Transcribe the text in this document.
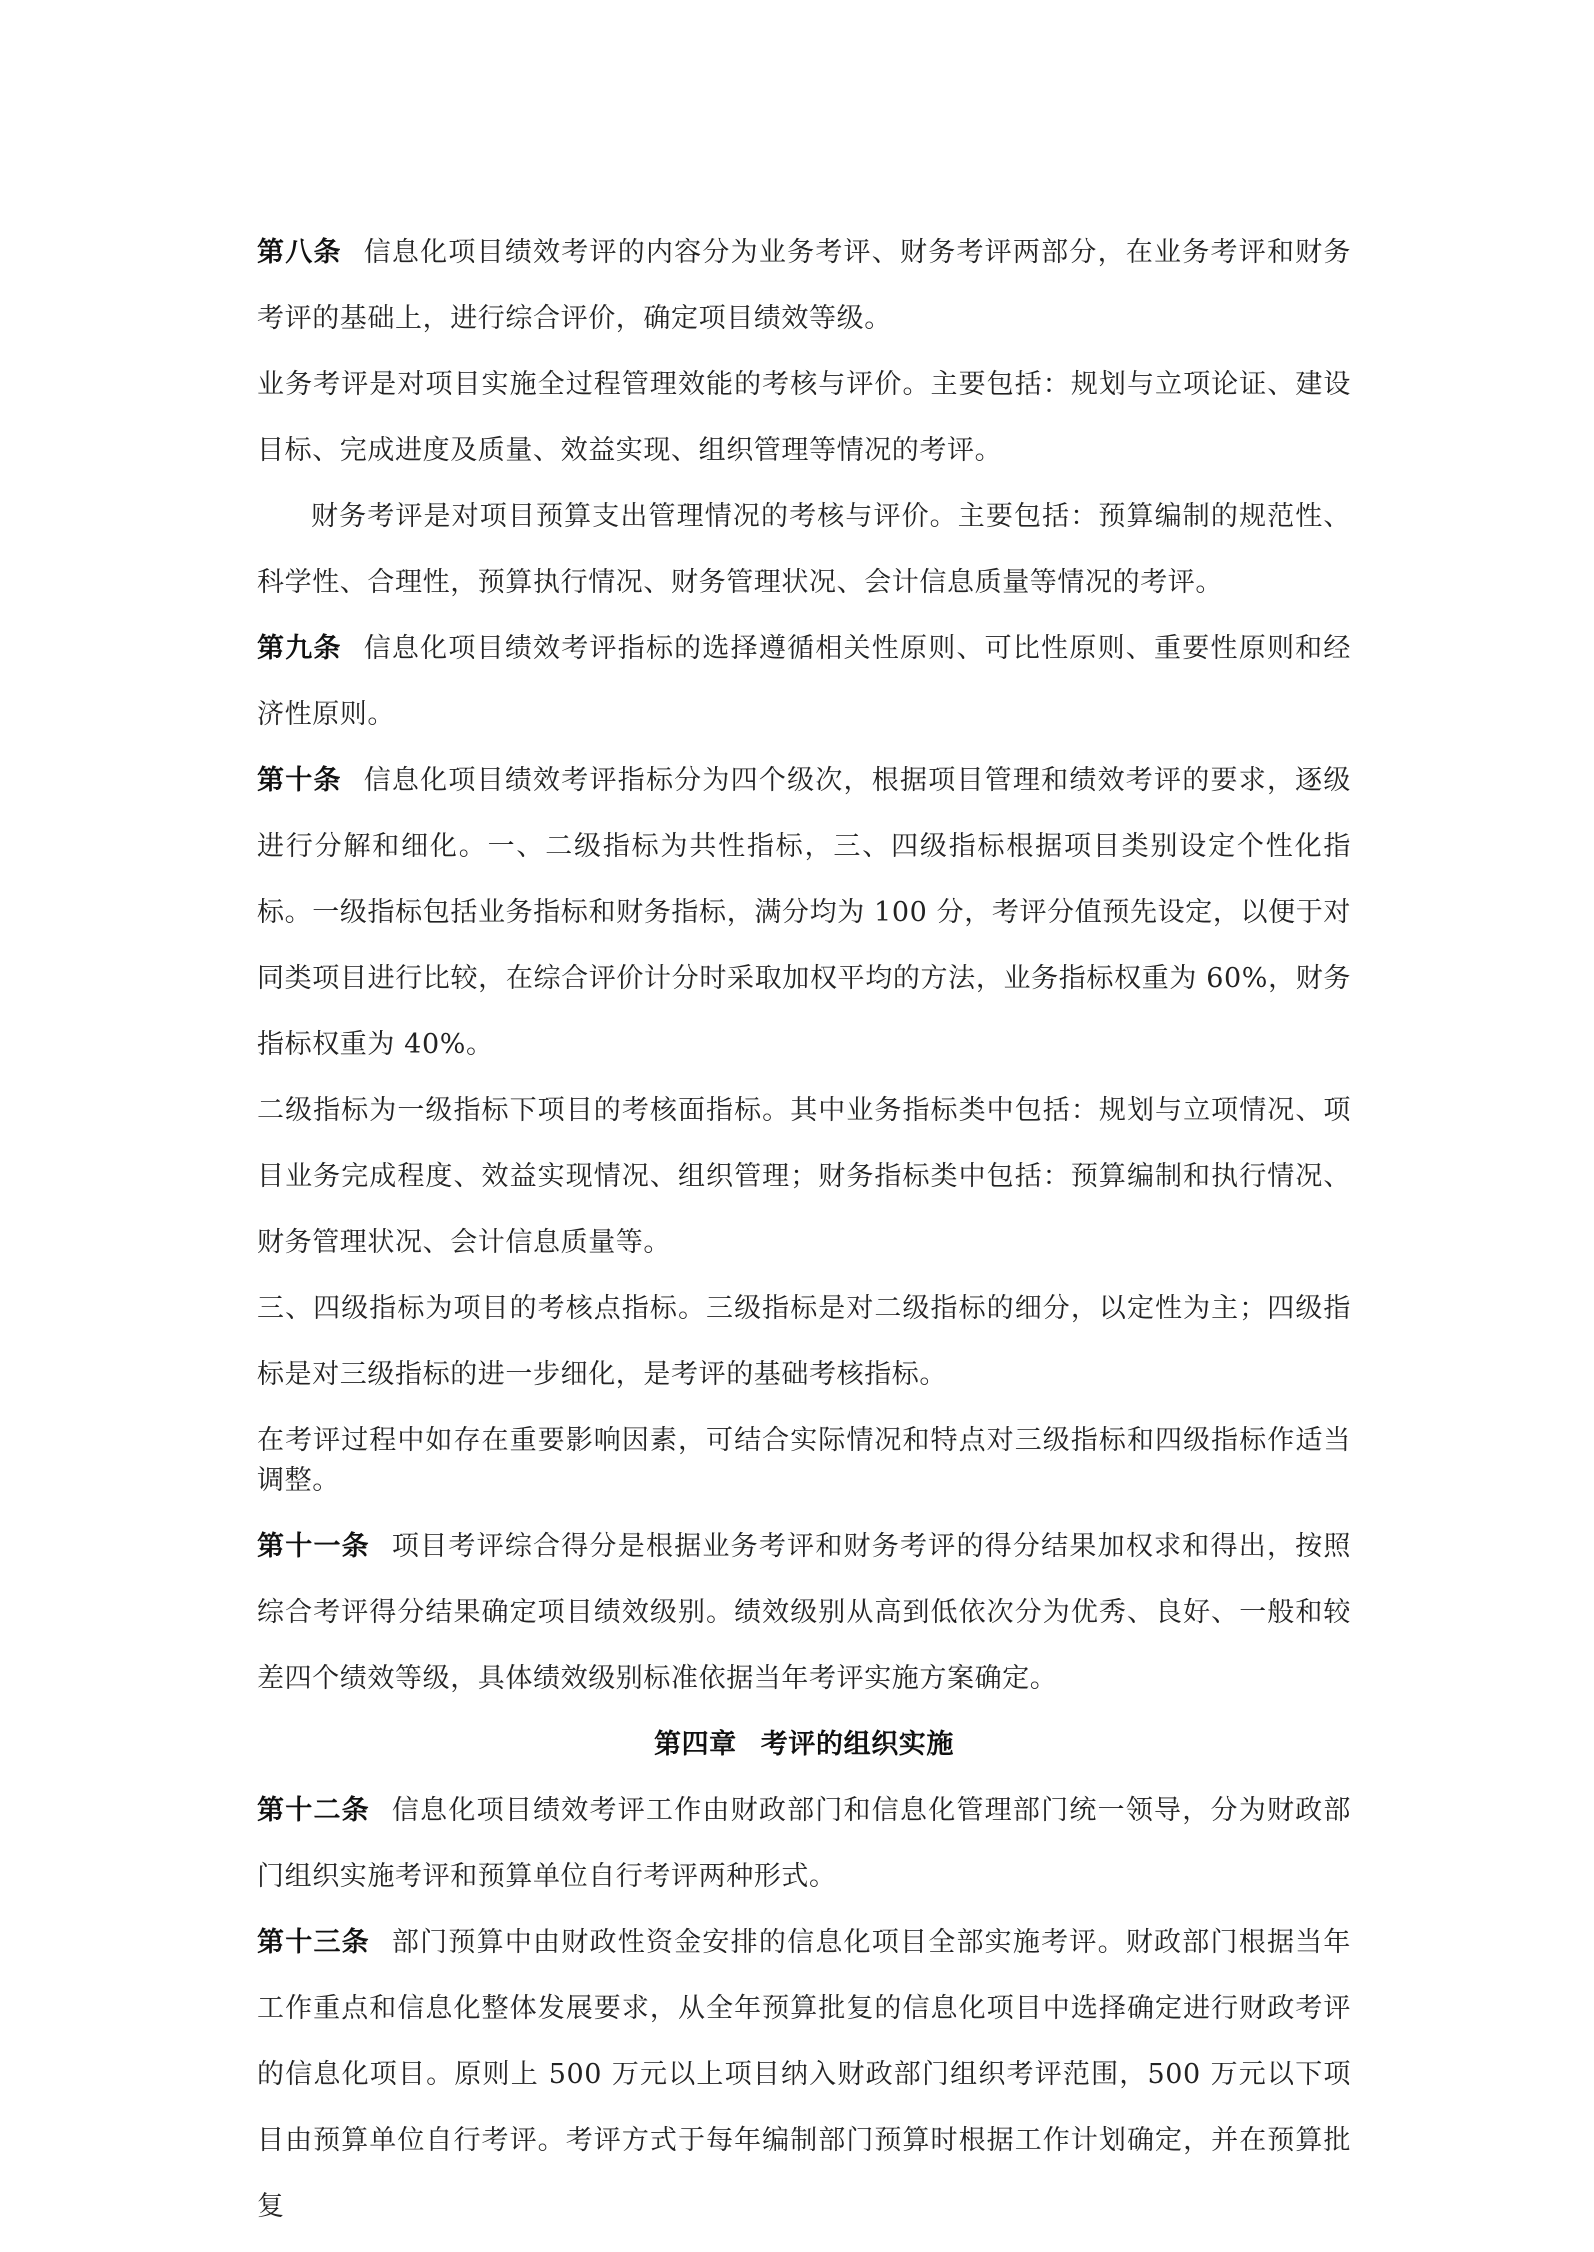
第八条 信息化项目绩效考评的内容分为业务考评、财务考评两部分，在业务考评和财务考评的基础上，进行综合评价，确定项目绩效等级。

业务考评是对项目实施全过程管理效能的考核与评价。主要包括：规划与立项论证、建设目标、完成进度及质量、效益实现、组织管理等情况的考评。

财务考评是对项目预算支出管理情况的考核与评价。主要包括：预算编制的规范性、科学性、合理性，预算执行情况、财务管理状况、会计信息质量等情况的考评。

第九条 信息化项目绩效考评指标的选择遵循相关性原则、可比性原则、重要性原则和经济性原则。

第十条 信息化项目绩效考评指标分为四个级次，根据项目管理和绩效考评的要求，逐级进行分解和细化。一、二级指标为共性指标，三、四级指标根据项目类别设定个性化指标。一级指标包括业务指标和财务指标，满分均为 100 分，考评分值预先设定，以便于对同类项目进行比较，在综合评价计分时采取加权平均的方法，业务指标权重为 60%，财务指标权重为 40%。

二级指标为一级指标下项目的考核面指标。其中业务指标类中包括：规划与立项情况、项目业务完成程度、效益实现情况、组织管理；财务指标类中包括：预算编制和执行情况、财务管理状况、会计信息质量等。

三、四级指标为项目的考核点指标。三级指标是对二级指标的细分，以定性为主；四级指标是对三级指标的进一步细化，是考评的基础考核指标。

在考评过程中如存在重要影响因素，可结合实际情况和特点对三级指标和四级指标作适当调整。

第十一条 项目考评综合得分是根据业务考评和财务考评的得分结果加权求和得出，按照综合考评得分结果确定项目绩效级别。绩效级别从高到低依次分为优秀、良好、一般和较差四个绩效等级，具体绩效级别标准依据当年考评实施方案确定。

第四章 考评的组织实施

第十二条 信息化项目绩效考评工作由财政部门和信息化管理部门统一领导，分为财政部门组织实施考评和预算单位自行考评两种形式。

第十三条 部门预算中由财政性资金安排的信息化项目全部实施考评。财政部门根据当年工作重点和信息化整体发展要求，从全年预算批复的信息化项目中选择确定进行财政考评的信息化项目。原则上 500 万元以上项目纳入财政部门组织考评范围，500 万元以下项目由预算单位自行考评。考评方式于每年编制部门预算时根据工作计划确定，并在预算批复
